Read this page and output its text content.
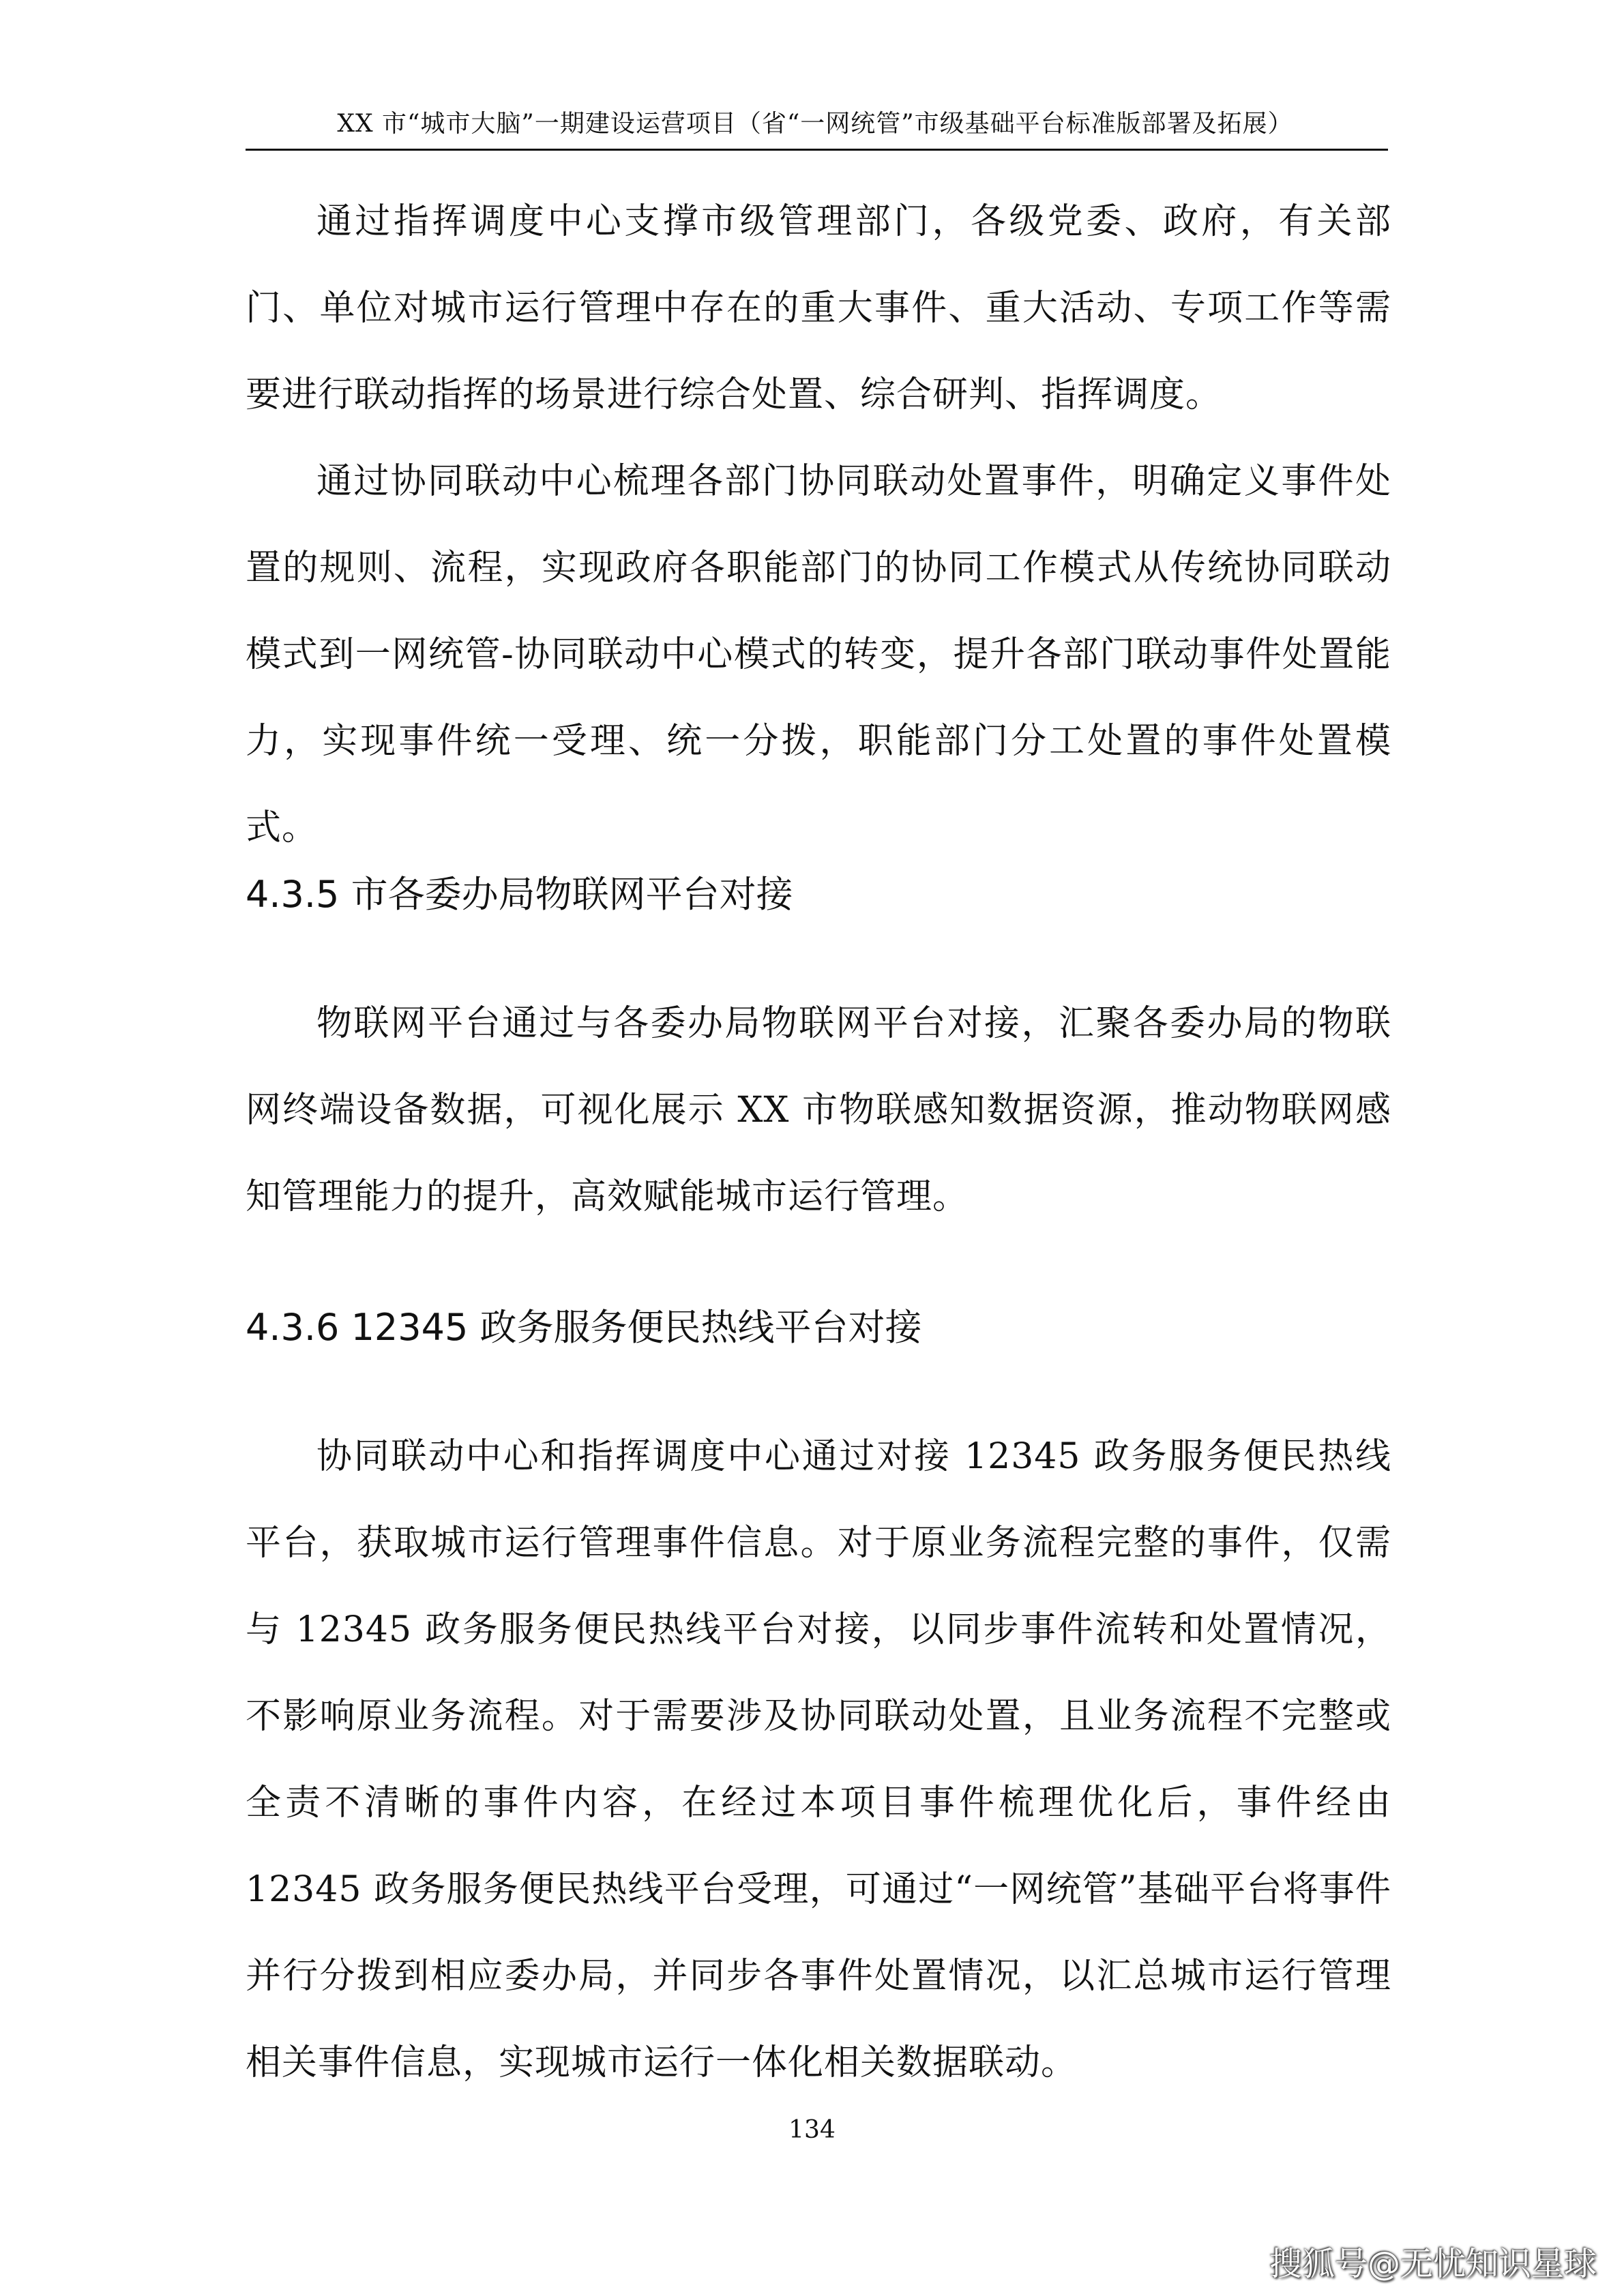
XX 市“城市大脑”一期建设运营项目（省“一网统管”市级基础平台标准版部署及拓展）

通过指挥调度中心支撑市级管理部门，各级党委、政府，有关部门、单位对城市运行管理中存在的重大事件、重大活动、专项工作等需要进行联动指挥的场景进行综合处置、综合研判、指挥调度。

通过协同联动中心梳理各部门协同联动处置事件，明确定义事件处置的规则、流程，实现政府各职能部门的协同工作模式从传统协同联动模式到一网统管-协同联动中心模式的转变，提升各部门联动事件处置能力，实现事件统一受理、统一分拨，职能部门分工处置的事件处置模式。

4.3.5 市各委办局物联网平台对接

物联网平台通过与各委办局物联网平台对接，汇聚各委办局的物联网终端设备数据，可视化展示 XX 市物联感知数据资源，推动物联网感知管理能力的提升，高效赋能城市运行管理。

4.3.6 12345 政务服务便民热线平台对接

协同联动中心和指挥调度中心通过对接 12345 政务服务便民热线平台，获取城市运行管理事件信息。对于原业务流程完整的事件，仅需与 12345 政务服务便民热线平台对接，以同步事件流转和处置情况，不影响原业务流程。对于需要涉及协同联动处置，且业务流程不完整或全责不清晰的事件内容，在经过本项目事件梳理优化后，事件经由 12345 政务服务便民热线平台受理，可通过“一网统管”基础平台将事件并行分拨到相应委办局，并同步各事件处置情况，以汇总城市运行管理相关事件信息，实现城市运行一体化相关数据联动。

134
搜狐号@无忧知识星球
